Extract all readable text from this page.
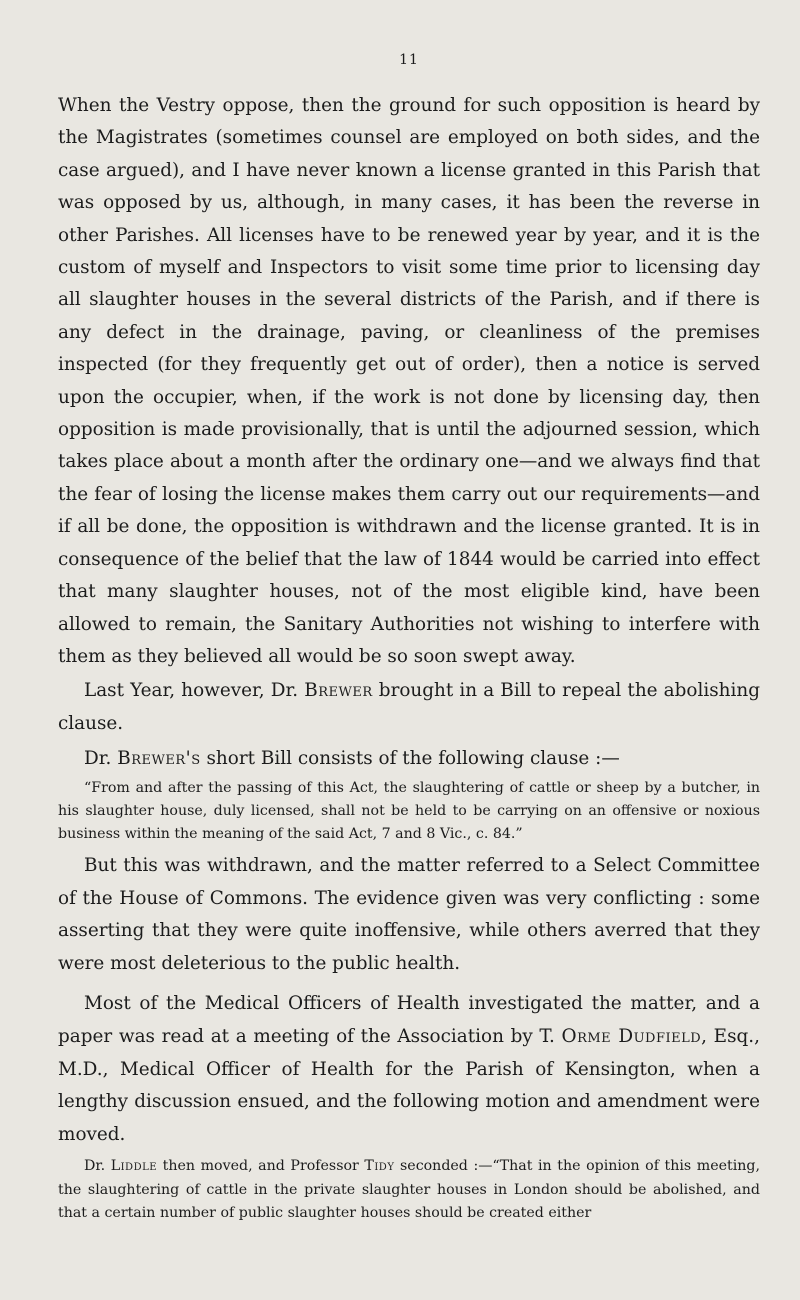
11

When the Vestry oppose, then the ground for such opposition is heard by the Magistrates (sometimes counsel are employed on both sides, and the case argued), and I have never known a license granted in this Parish that was opposed by us, although, in many cases, it has been the reverse in other Parishes. All licenses have to be renewed year by year, and it is the custom of myself and Inspectors to visit some time prior to licensing day all slaughter houses in the several districts of the Parish, and if there is any defect in the drainage, paving, or cleanliness of the premises inspected (for they frequently get out of order), then a notice is served upon the occupier, when, if the work is not done by licensing day, then opposition is made provisionally, that is until the adjourned session, which takes place about a month after the ordinary one—and we always find that the fear of losing the license makes them carry out our requirements—and if all be done, the opposition is withdrawn and the license granted. It is in consequence of the belief that the law of 1844 would be carried into effect that many slaughter houses, not of the most eligible kind, have been allowed to remain, the Sanitary Authorities not wishing to interfere with them as they believed all would be so soon swept away.

Last Year, however, Dr. Brewer brought in a Bill to repeal the abolishing clause.

Dr. Brewer's short Bill consists of the following clause :—

“From and after the passing of this Act, the slaughtering of cattle or sheep by a butcher, in his slaughter house, duly licensed, shall not be held to be carrying on an offensive or noxious business within the meaning of the said Act, 7 and 8 Vic., c. 84.”

But this was withdrawn, and the matter referred to a Select Committee of the House of Commons. The evidence given was very conflicting : some asserting that they were quite inoffensive, while others averred that they were most deleterious to the public health.

Most of the Medical Officers of Health investigated the matter, and a paper was read at a meeting of the Association by T. Orme Dudfield, Esq., M.D., Medical Officer of Health for the Parish of Kensington, when a lengthy discussion ensued, and the following motion and amendment were moved.

Dr. Liddle then moved, and Professor Tidy seconded :—“That in the opinion of this meeting, the slaughtering of cattle in the private slaughter houses in London should be abolished, and that a certain number of public slaughter houses should be created either
